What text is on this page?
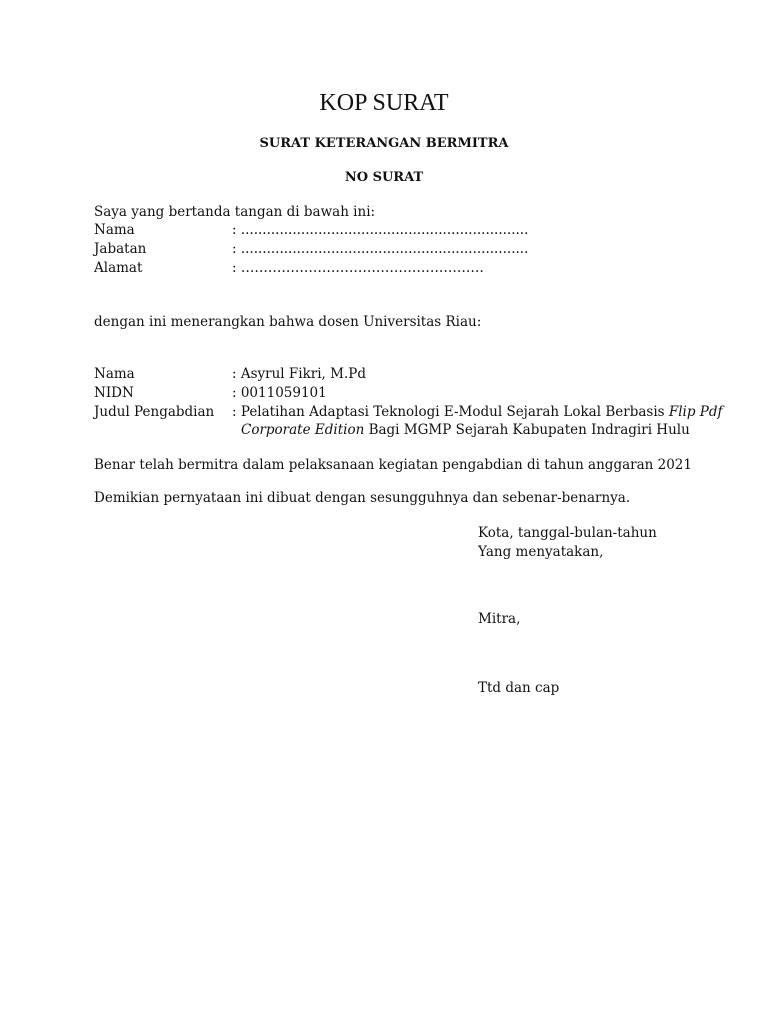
KOP SURAT
SURAT KETERANGAN BERMITRA
NO SURAT
Saya yang bertanda tangan di bawah ini:
Nama	: ...................................................................
Jabatan	: ...................................................................
Alamat	: ………………………………………………
dengan ini menerangkan bahwa dosen Universitas Riau:
Nama	: Asyrul Fikri, M.Pd
NIDN	: 0011059101
Judul Pengabdian : Pelatihan Adaptasi Teknologi E-Modul Sejarah Lokal Berbasis Flip Pdf
Corporate Edition Bagi MGMP Sejarah Kabupaten Indragiri Hulu
Benar telah bermitra dalam pelaksanaan kegiatan pengabdian di tahun anggaran 2021
Demikian pernyataan ini dibuat dengan sesungguhnya dan sebenar-benarnya.
Kota, tanggal-bulan-tahun
Yang menyatakan,
Mitra,
Ttd dan cap
